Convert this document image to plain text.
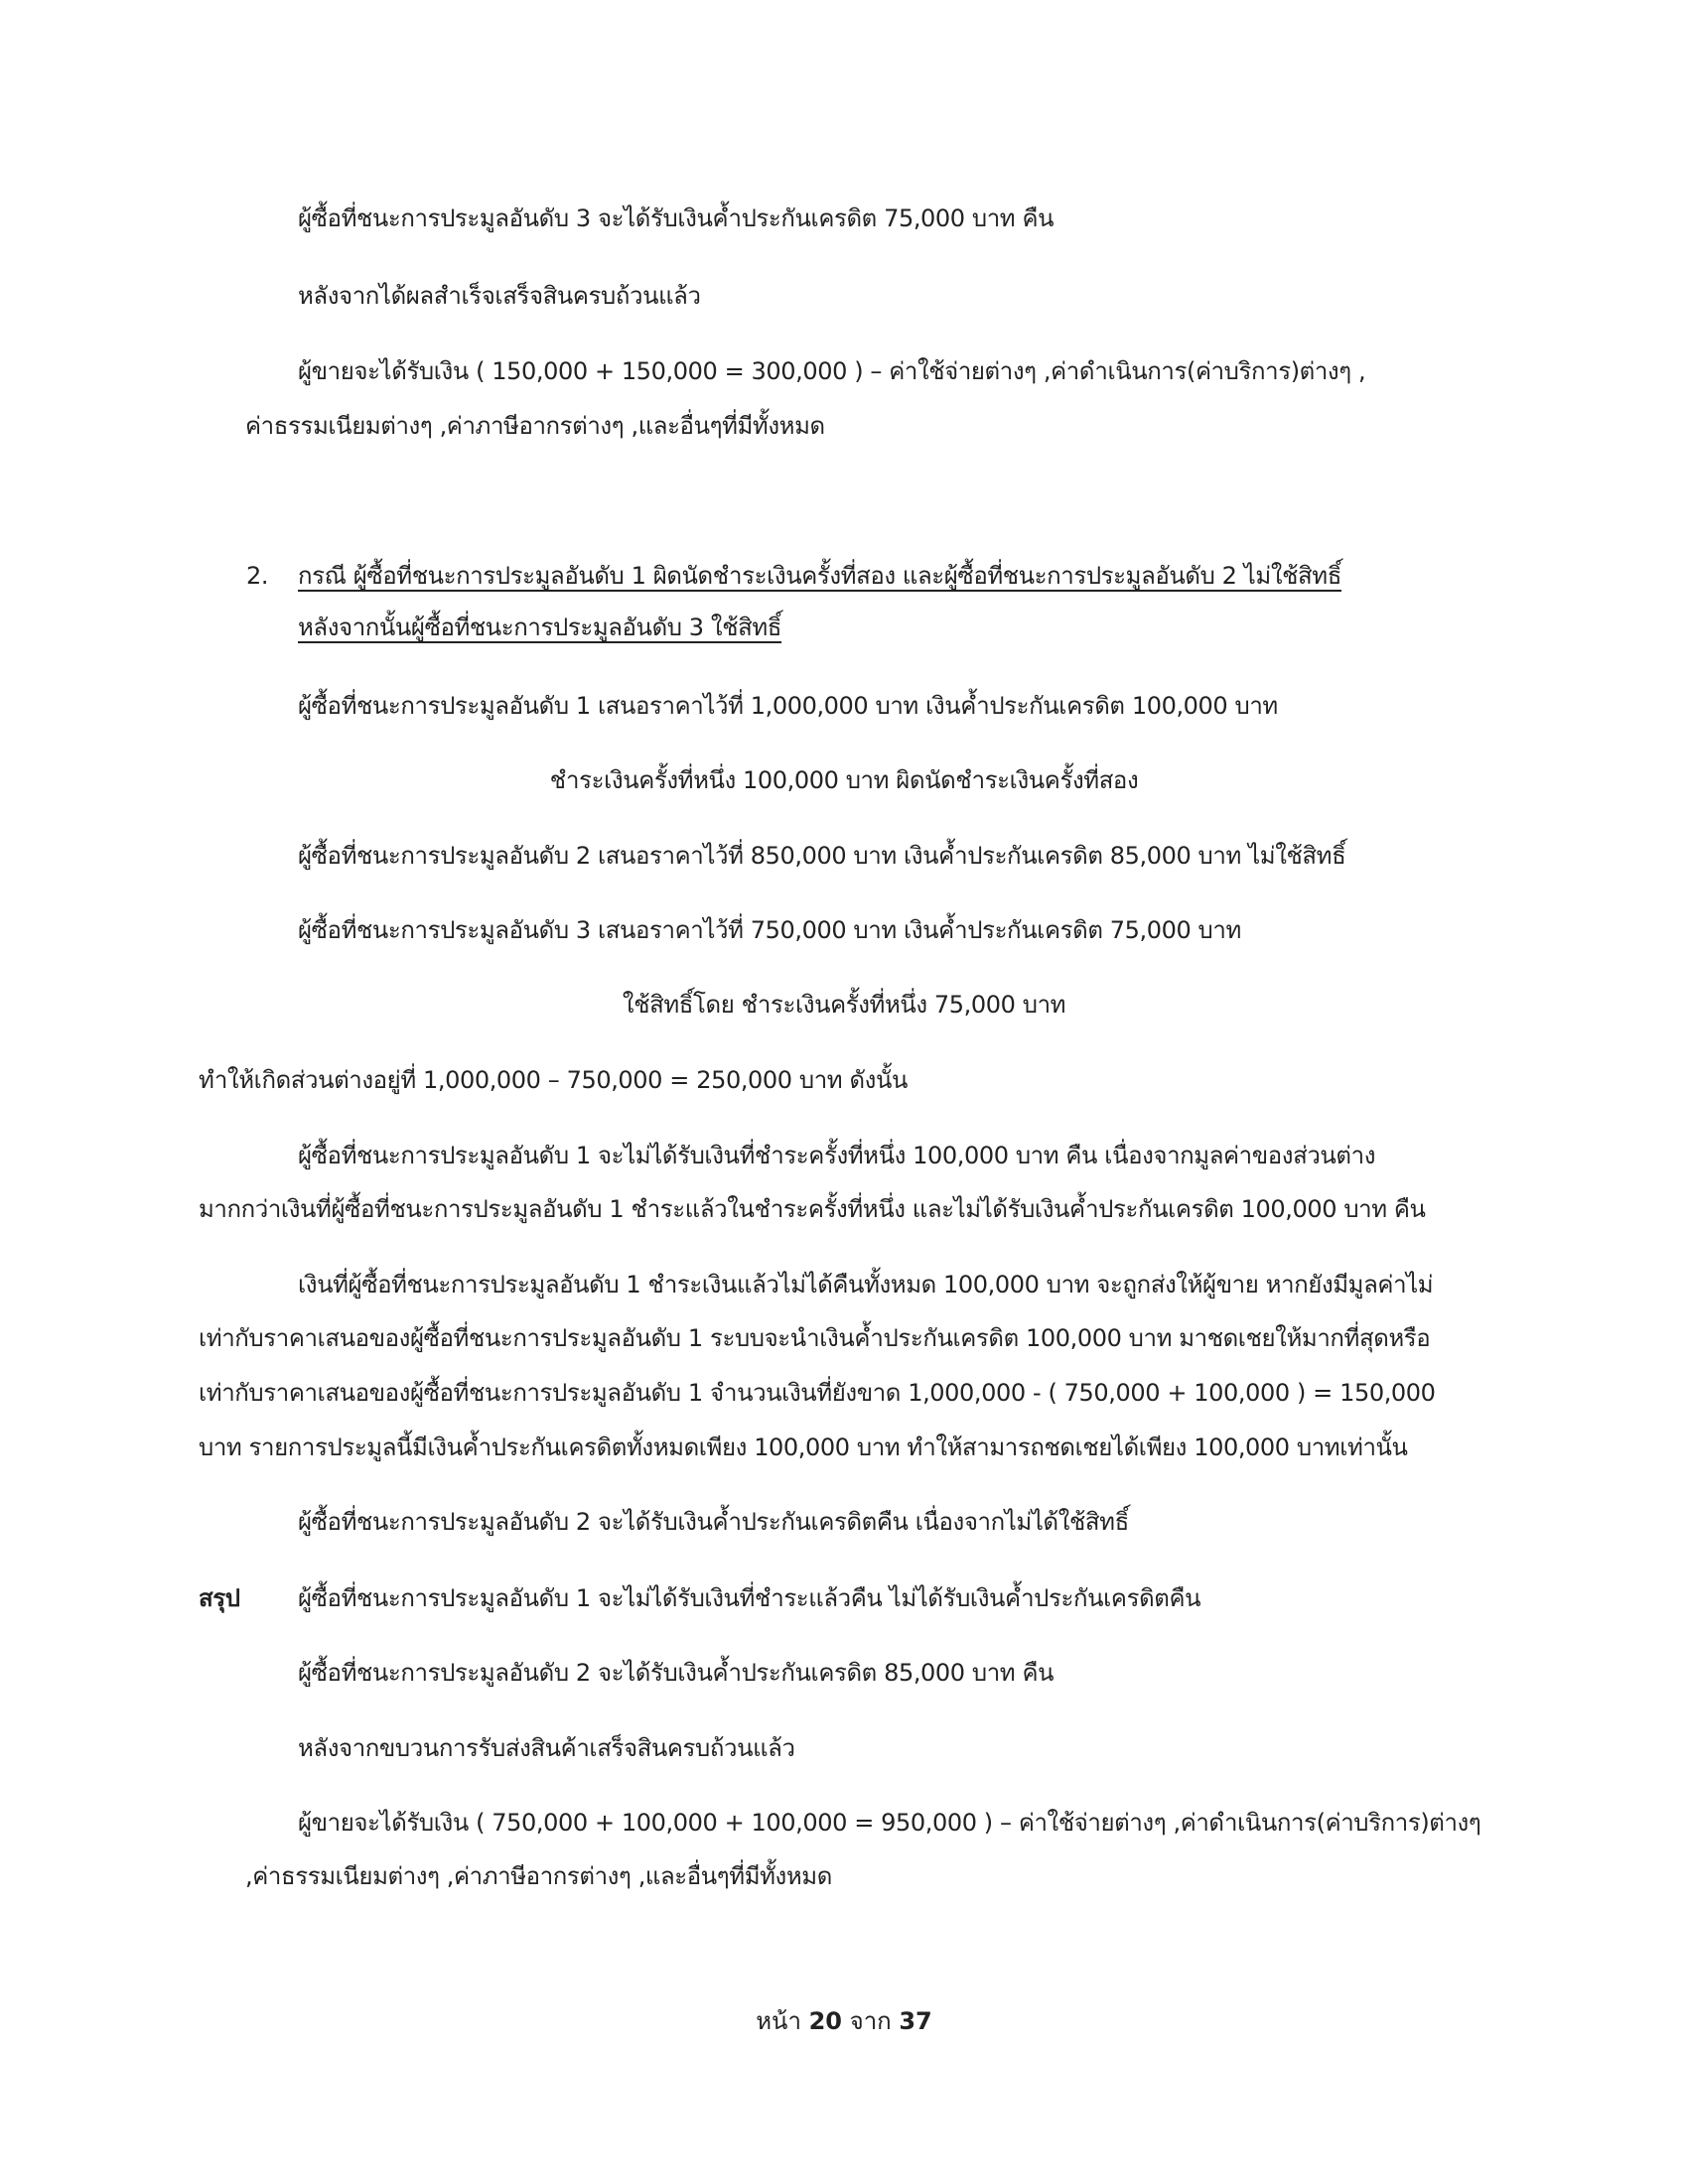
ผู้ซื้อที่ชนะการประมูลอันดับ 3 จะได้รับเงินค้ำประกันเครดิต 75,000 บาท คืน
หลังจากได้ผลสำเร็จเสร็จสินครบถ้วนแล้ว
ผู้ขายจะได้รับเงิน ( 150,000 + 150,000 = 300,000 ) – ค่าใช้จ่ายต่างๆ ,ค่าดำเนินการ(ค่าบริการ)ต่างๆ ,
ค่าธรรมเนียมต่างๆ ,ค่าภาษีอากรต่างๆ ,และอื่นๆที่มีทั้งหมด
2. กรณี ผู้ซื้อที่ชนะการประมูลอันดับ 1 ผิดนัดชำระเงินครั้งที่สอง และผู้ซื้อที่ชนะการประมูลอันดับ 2 ไม่ใช้สิทธิ์
หลังจากนั้นผู้ซื้อที่ชนะการประมูลอันดับ 3 ใช้สิทธิ์
ผู้ซื้อที่ชนะการประมูลอันดับ 1 เสนอราคาไว้ที่ 1,000,000 บาท เงินค้ำประกันเครดิต 100,000 บาท
ชำระเงินครั้งที่หนึ่ง 100,000 บาท ผิดนัดชำระเงินครั้งที่สอง
ผู้ซื้อที่ชนะการประมูลอันดับ 2 เสนอราคาไว้ที่ 850,000 บาท เงินค้ำประกันเครดิต 85,000 บาท ไม่ใช้สิทธิ์
ผู้ซื้อที่ชนะการประมูลอันดับ 3 เสนอราคาไว้ที่ 750,000 บาท เงินค้ำประกันเครดิต 75,000 บาท
ใช้สิทธิ์โดย ชำระเงินครั้งที่หนึ่ง 75,000 บาท
ทำให้เกิดส่วนต่างอยู่ที่ 1,000,000 – 750,000 = 250,000 บาท ดังนั้น
ผู้ซื้อที่ชนะการประมูลอันดับ 1 จะไม่ได้รับเงินที่ชำระครั้งที่หนึ่ง 100,000 บาท คืน เนื่องจากมูลค่าของส่วนต่าง
มากกว่าเงินที่ผู้ซื้อที่ชนะการประมูลอันดับ 1 ชำระแล้วในชำระครั้งที่หนึ่ง และไม่ได้รับเงินค้ำประกันเครดิต 100,000 บาท คืน
เงินที่ผู้ซื้อที่ชนะการประมูลอันดับ 1 ชำระเงินแล้วไม่ได้คืนทั้งหมด 100,000 บาท จะถูกส่งให้ผู้ขาย หากยังมีมูลค่าไม่
เท่ากับราคาเสนอของผู้ซื้อที่ชนะการประมูลอันดับ 1 ระบบจะนำเงินค้ำประกันเครดิต 100,000 บาท มาชดเชยให้มากที่สุดหรือ
เท่ากับราคาเสนอของผู้ซื้อที่ชนะการประมูลอันดับ 1 จำนวนเงินที่ยังขาด 1,000,000 - ( 750,000 + 100,000 ) = 150,000
บาท รายการประมูลนี้มีเงินค้ำประกันเครดิตทั้งหมดเพียง 100,000 บาท ทำให้สามารถชดเชยได้เพียง 100,000 บาทเท่านั้น
ผู้ซื้อที่ชนะการประมูลอันดับ 2 จะได้รับเงินค้ำประกันเครดิตคืน เนื่องจากไม่ได้ใช้สิทธิ์
สรุป ผู้ซื้อที่ชนะการประมูลอันดับ 1 จะไม่ได้รับเงินที่ชำระแล้วคืน ไม่ได้รับเงินค้ำประกันเครดิตคืน
ผู้ซื้อที่ชนะการประมูลอันดับ 2 จะได้รับเงินค้ำประกันเครดิต 85,000 บาท คืน
หลังจากขบวนการรับส่งสินค้าเสร็จสินครบถ้วนแล้ว
ผู้ขายจะได้รับเงิน ( 750,000 + 100,000 + 100,000 = 950,000 ) – ค่าใช้จ่ายต่างๆ ,ค่าดำเนินการ(ค่าบริการ)ต่างๆ
,ค่าธรรมเนียมต่างๆ ,ค่าภาษีอากรต่างๆ ,และอื่นๆที่มีทั้งหมด
หน้า 20 จาก 37
